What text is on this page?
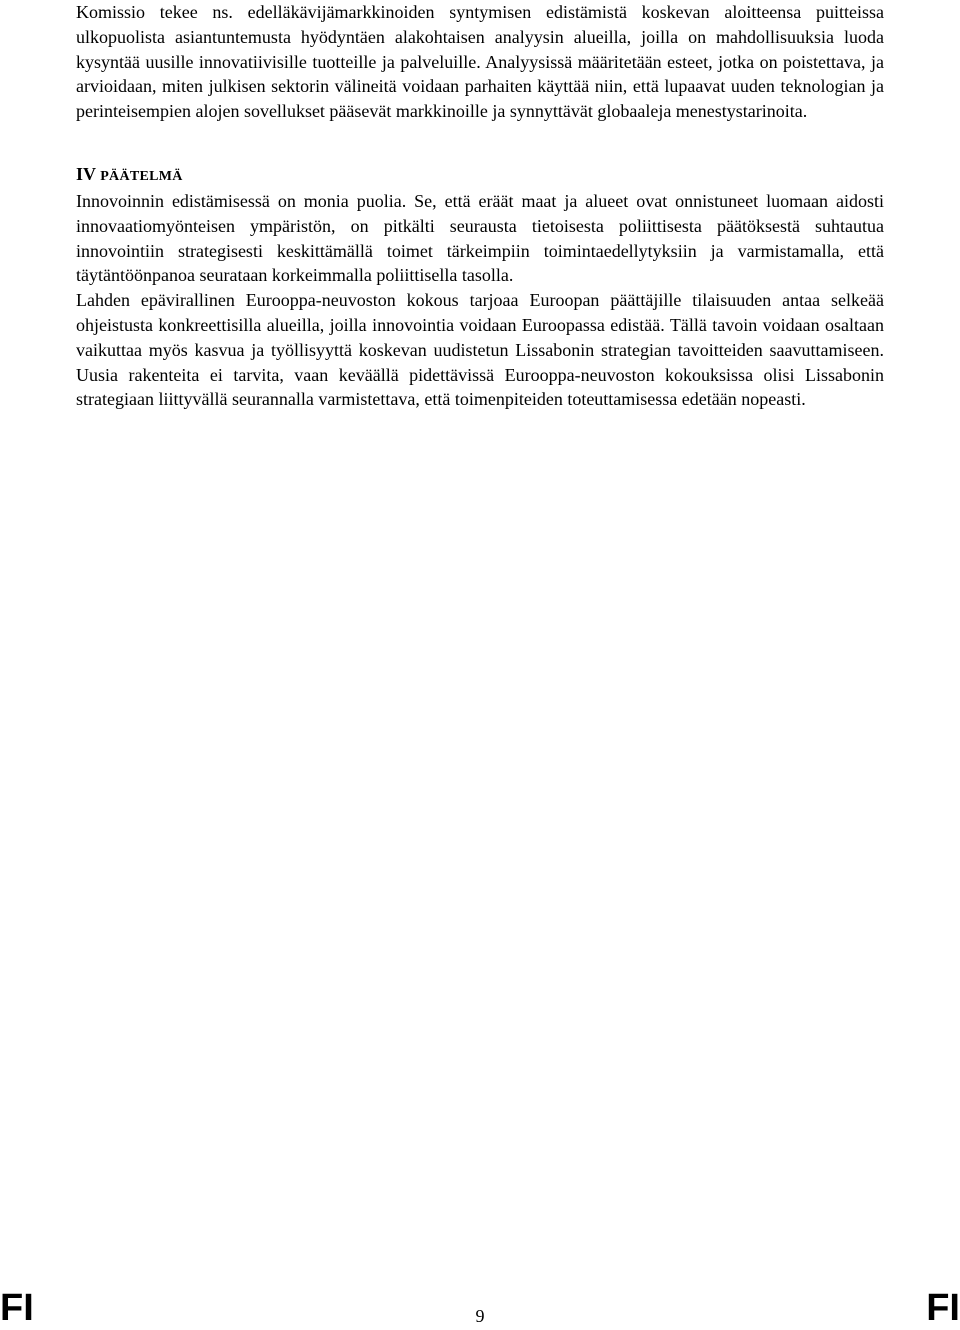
Komissio tekee ns. edelläkävijämarkkinoiden syntymisen edistämistä koskevan aloitteensa puitteissa ulkopuolista asiantuntemusta hyödyntäen alakohtaisen analyysin alueilla, joilla on mahdollisuuksia luoda kysyntää uusille innovatiivisille tuotteille ja palveluille. Analyysissä määritetään esteet, jotka on poistettava, ja arvioidaan, miten julkisen sektorin välineitä voidaan parhaiten käyttää niin, että lupaavat uuden teknologian ja perinteisempien alojen sovellukset pääsevät markkinoille ja synnyttävät globaaleja menestystarinoita.

IV PÄÄTELMÄ

Innovoinnin edistämisessä on monia puolia. Se, että eräät maat ja alueet ovat onnistuneet luomaan aidosti innovaatiomyönteisen ympäristön, on pitkälti seurausta tietoisesta poliittisesta päätöksestä suhtautua innovointiin strategisesti keskittämällä toimet tärkeimpiin toimintaedellytyksiin ja varmistamalla, että täytäntöönpanoa seurataan korkeimmalla poliittisella tasolla.

Lahden epävirallinen Eurooppa-neuvoston kokous tarjoaa Euroopan päättäjille tilaisuuden antaa selkeää ohjeistusta konkreettisilla alueilla, joilla innovointia voidaan Euroopassa edistää. Tällä tavoin voidaan osaltaan vaikuttaa myös kasvua ja työllisyyttä koskevan uudistetun Lissabonin strategian tavoitteiden saavuttamiseen. Uusia rakenteita ei tarvita, vaan keväällä pidettävissä Eurooppa-neuvoston kokouksissa olisi Lissabonin strategiaan liittyvällä seurannalla varmistettava, että toimenpiteiden toteuttamisessa edetään nopeasti.

FI	9	FI
